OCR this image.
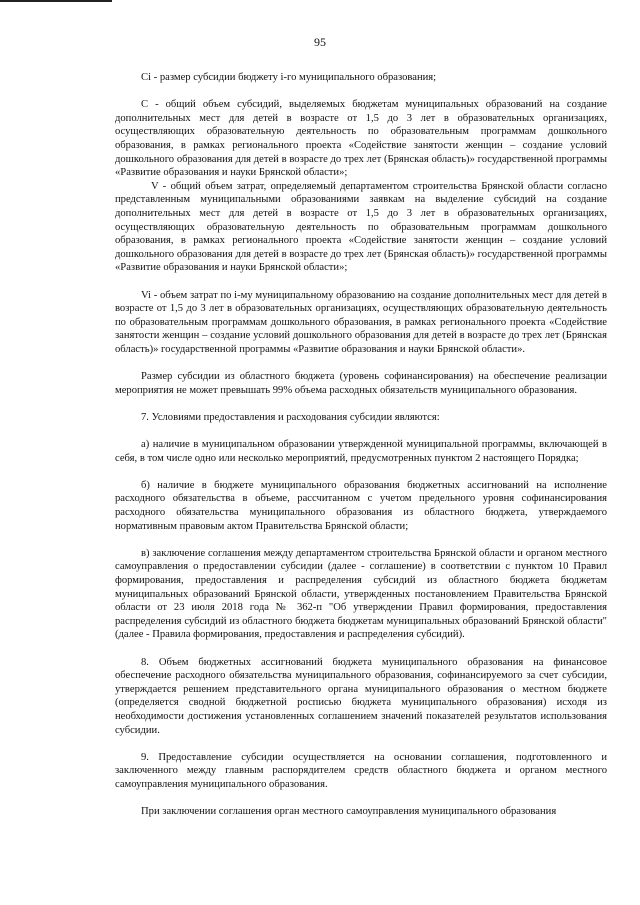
95

Ci - размер субсидии бюджету i-го муниципального образования;

C - общий объем субсидий, выделяемых бюджетам муниципальных образований на создание дополнительных мест для детей в возрасте от 1,5 до 3 лет в образовательных организациях, осуществляющих образовательную деятельность по образовательным программам дошкольного образования, в рамках регионального проекта «Содействие занятости женщин – создание условий дошкольного образования для детей в возрасте до трех лет (Брянская область)» государственной программы «Развитие образования и науки Брянской области»;

V - общий объем затрат, определяемый департаментом строительства Брянской области согласно представленным муниципальными образованиями заявкам на выделение субсидий на создание дополнительных мест для детей в возрасте от 1,5 до 3 лет в образовательных организациях, осуществляющих образовательную деятельность по образовательным программам дошкольного образования, в рамках регионального проекта «Содействие занятости женщин – создание условий дошкольного образования для детей в возрасте до трех лет (Брянская область)» государственной программы «Развитие образования и науки Брянской области»;

Vi - объем затрат по i-му муниципальному образованию на создание дополнительных мест для детей в возрасте от 1,5 до 3 лет в образовательных организациях, осуществляющих образовательную деятельность по образовательным программам дошкольного образования, в рамках регионального проекта «Содействие занятости женщин – создание условий дошкольного образования для детей в возрасте до трех лет (Брянская область)» государственной программы «Развитие образования и науки Брянской области».

Размер субсидии из областного бюджета (уровень софинансирования) на обеспечение реализации мероприятия не может превышать 99% объема расходных обязательств муниципального образования.

7. Условиями предоставления и расходования субсидии являются:

а) наличие в муниципальном образовании утвержденной муниципальной программы, включающей в себя, в том числе одно или несколько мероприятий, предусмотренных пунктом 2 настоящего Порядка;

б) наличие в бюджете муниципального образования бюджетных ассигнований на исполнение расходного обязательства в объеме, рассчитанном с учетом предельного уровня софинансирования расходного обязательства муниципального образования из областного бюджета, утверждаемого нормативным правовым актом Правительства Брянской области;

в) заключение соглашения между департаментом строительства Брянской области и органом местного самоуправления о предоставлении субсидии (далее - соглашение) в соответствии с пунктом 10 Правил формирования, предоставления и распределения субсидий из областного бюджета бюджетам муниципальных образований Брянской области, утвержденных постановлением Правительства Брянской области от 23 июля 2018 года № 362-п "Об утверждении Правил формирования, предоставления распределения субсидий из областного бюджета бюджетам муниципальных образований Брянской области" (далее - Правила формирования, предоставления и распределения субсидий).

8. Объем бюджетных ассигнований бюджета муниципального образования на финансовое обеспечение расходного обязательства муниципального образования, софинансируемого за счет субсидии, утверждается решением представительного органа муниципального образования о местном бюджете (определяется сводной бюджетной росписью бюджета муниципального образования) исходя из необходимости достижения установленных соглашением значений показателей результатов использования субсидии.

9. Предоставление субсидии осуществляется на основании соглашения, подготовленного и заключенного между главным распорядителем средств областного бюджета и органом местного самоуправления муниципального образования.

При заключении соглашения орган местного самоуправления муниципального образования
